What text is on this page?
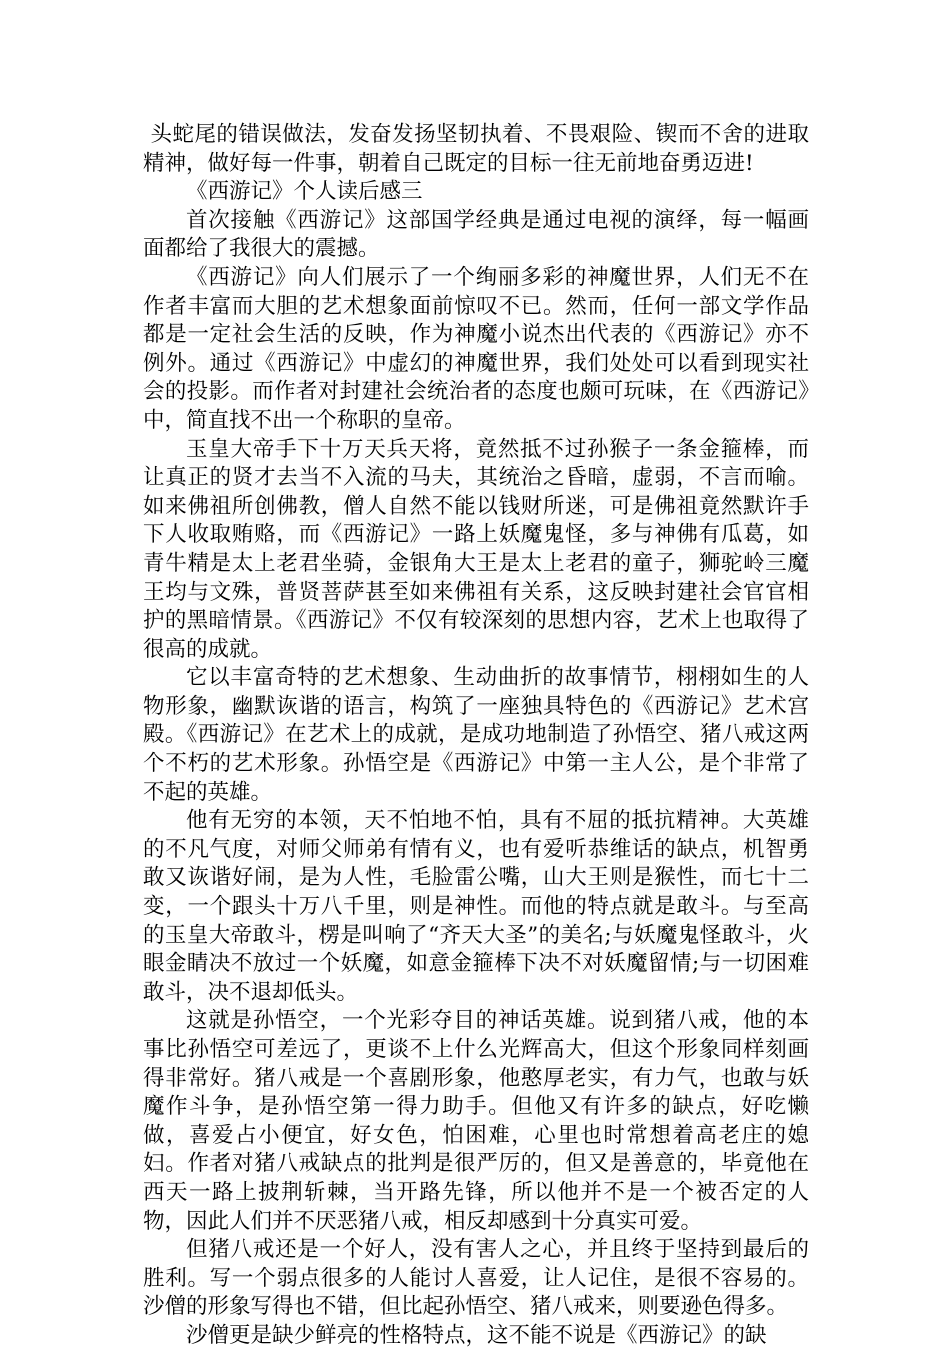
头蛇尾的错误做法，发奋发扬坚韧执着、不畏艰险、锲而不舍的进取精神，做好每一件事，朝着自己既定的目标一往无前地奋勇迈进!

《西游记》个人读后感三

首次接触《西游记》这部国学经典是通过电视的演绎，每一幅画面都给了我很大的震撼。

《西游记》向人们展示了一个绚丽多彩的神魔世界，人们无不在作者丰富而大胆的艺术想象面前惊叹不已。然而，任何一部文学作品都是一定社会生活的反映，作为神魔小说杰出代表的《西游记》亦不例外。通过《西游记》中虚幻的神魔世界，我们处处可以看到现实社会的投影。而作者对封建社会统治者的态度也颇可玩味，在《西游记》中，简直找不出一个称职的皇帝。

玉皇大帝手下十万天兵天将，竟然抵不过孙猴子一条金箍棒，而让真正的贤才去当不入流的马夫，其统治之昏暗，虚弱，不言而喻。如来佛祖所创佛教，僧人自然不能以钱财所迷，可是佛祖竟然默许手下人收取贿赂，而《西游记》一路上妖魔鬼怪，多与神佛有瓜葛，如青牛精是太上老君坐骑，金银角大王是太上老君的童子，狮驼岭三魔王均与文殊，普贤菩萨甚至如来佛祖有关系，这反映封建社会官官相护的黑暗情景。《西游记》不仅有较深刻的思想内容，艺术上也取得了很高的成就。

它以丰富奇特的艺术想象、生动曲折的故事情节，栩栩如生的人物形象，幽默诙谐的语言，构筑了一座独具特色的《西游记》艺术宫殿。《西游记》在艺术上的成就，是成功地制造了孙悟空、猪八戒这两个不朽的艺术形象。孙悟空是《西游记》中第一主人公，是个非常了不起的英雄。

他有无穷的本领，天不怕地不怕，具有不屈的抵抗精神。大英雄的不凡气度，对师父师弟有情有义，也有爱听恭维话的缺点，机智勇敢又诙谐好闹，是为人性，毛脸雷公嘴，山大王则是猴性，而七十二变，一个跟头十万八千里，则是神性。而他的特点就是敢斗。与至高的玉皇大帝敢斗，楞是叫响了“齐天大圣”的美名;与妖魔鬼怪敢斗，火眼金睛决不放过一个妖魔，如意金箍棒下决不对妖魔留情;与一切困难敢斗，决不退却低头。

这就是孙悟空，一个光彩夺目的神话英雄。说到猪八戒，他的本事比孙悟空可差远了，更谈不上什么光辉高大，但这个形象同样刻画得非常好。猪八戒是一个喜剧形象，他憨厚老实，有力气，也敢与妖魔作斗争，是孙悟空第一得力助手。但他又有许多的缺点，好吃懒做，喜爱占小便宜，好女色，怕困难，心里也时常想着高老庄的媳妇。作者对猪八戒缺点的批判是很严厉的，但又是善意的，毕竟他在西天一路上披荆斩棘，当开路先锋，所以他并不是一个被否定的人物，因此人们并不厌恶猪八戒，相反却感到十分真实可爱。

但猪八戒还是一个好人，没有害人之心，并且终于坚持到最后的胜利。写一个弱点很多的人能讨人喜爱，让人记住，是很不容易的。沙僧的形象写得也不错，但比起孙悟空、猪八戒来，则要逊色得多。

沙僧更是缺少鲜亮的性格特点，这不能不说是《西游记》的缺
